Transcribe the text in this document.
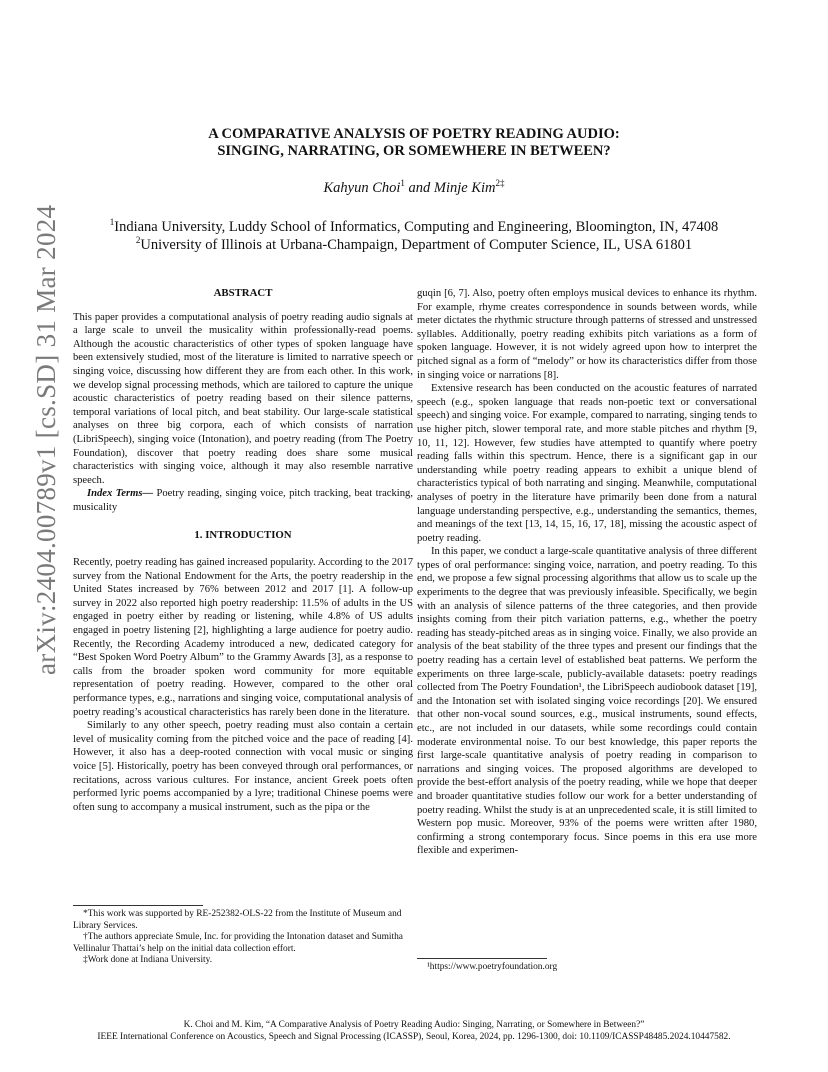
arXiv:2404.00789v1 [cs.SD] 31 Mar 2024
A COMPARATIVE ANALYSIS OF POETRY READING AUDIO:
SINGING, NARRATING, OR SOMEWHERE IN BETWEEN?
Kahyun Choi$^1$ and Minje Kim$^{2\ddagger}$
$^1$Indiana University, Luddy School of Informatics, Computing and Engineering, Bloomington, IN, 47408
$^2$University of Illinois at Urbana-Champaign, Department of Computer Science, IL, USA 61801
ABSTRACT

This paper provides a computational analysis of poetry reading audio signals at a large scale to unveil the musicality within professionally-read poems. Although the acoustic characteristics of other types of spoken language have been extensively studied, most of the literature is limited to narrative speech or singing voice, discussing how different they are from each other. In this work, we develop signal processing methods, which are tailored to capture the unique acoustic characteristics of poetry reading based on their silence patterns, temporal variations of local pitch, and beat stability. Our large-scale statistical analyses on three big corpora, each of which consists of narration (LibriSpeech), singing voice (Intonation), and poetry reading (from The Poetry Foundation), discover that poetry reading does share some musical characteristics with singing voice, although it may also resemble narrative speech.

Index Terms— Poetry reading, singing voice, pitch tracking, beat tracking, musicality

1. INTRODUCTION

Recently, poetry reading has gained increased popularity. According to the 2017 survey from the National Endowment for the Arts, the poetry readership in the United States increased by 76% between 2012 and 2017 [1]. A follow-up survey in 2022 also reported high poetry readership: 11.5% of adults in the US engaged in poetry either by reading or listening, while 4.8% of US adults engaged in poetry listening [2], highlighting a large audience for poetry audio. Recently, the Recording Academy introduced a new, dedicated category for “Best Spoken Word Poetry Album” to the Grammy Awards [3], as a response to calls from the broader spoken word community for more equitable representation of poetry reading. However, compared to the other oral performance types, e.g., narrations and singing voice, computational analysis of poetry reading’s acoustical characteristics has rarely been done in the literature.

Similarly to any other speech, poetry reading must also contain a certain level of musicality coming from the pitched voice and the pace of reading [4]. However, it also has a deep-rooted connection with vocal music or singing voice [5]. Historically, poetry has been conveyed through oral performances, or recitations, across various cultures. For instance, ancient Greek poets often performed lyric poems accompanied by a lyre; traditional Chinese poems were often sung to accompany a musical instrument, such as the pipa or the

*This work was supported by RE-252382-OLS-22 from the Institute of Museum and Library Services.

†The authors appreciate Smule, Inc. for providing the Intonation dataset and Sumitha Vellinalur Thattai’s help on the initial data collection effort.

‡Work done at Indiana University.

guqin [6, 7]. Also, poetry often employs musical devices to enhance its rhythm. For example, rhyme creates correspondence in sounds between words, while meter dictates the rhythmic structure through patterns of stressed and unstressed syllables. Additionally, poetry reading exhibits pitch variations as a form of spoken language. However, it is not widely agreed upon how to interpret the pitched signal as a form of “melody” or how its characteristics differ from those in singing voice or narrations [8].

Extensive research has been conducted on the acoustic features of narrated speech (e.g., spoken language that reads non-poetic text or conversational speech) and singing voice. For example, compared to narrating, singing tends to use higher pitch, slower temporal rate, and more stable pitches and rhythm [9, 10, 11, 12]. However, few studies have attempted to quantify where poetry reading falls within this spectrum. Hence, there is a significant gap in our understanding while poetry reading appears to exhibit a unique blend of characteristics typical of both narrating and singing. Meanwhile, computational analyses of poetry in the literature have primarily been done from a natural language understanding perspective, e.g., understanding the semantics, themes, and meanings of the text [13, 14, 15, 16, 17, 18], missing the acoustic aspect of poetry reading.

In this paper, we conduct a large-scale quantitative analysis of three different types of oral performance: singing voice, narration, and poetry reading. To this end, we propose a few signal processing algorithms that allow us to scale up the experiments to the degree that was previously infeasible. Specifically, we begin with an analysis of silence patterns of the three categories, and then provide insights coming from their pitch variation patterns, e.g., whether the poetry reading has steady-pitched areas as in singing voice. Finally, we also provide an analysis of the beat stability of the three types and present our findings that the poetry reading has a certain level of established beat patterns. We perform the experiments on three large-scale, publicly-available datasets: poetry readings collected from The Poetry Foundation¹, the LibriSpeech audiobook dataset [19], and the Intonation set with isolated singing voice recordings [20]. We ensured that other non-vocal sound sources, e.g., musical instruments, sound effects, etc., are not included in our datasets, while some recordings could contain moderate environmental noise. To our best knowledge, this paper reports the first large-scale quantitative analysis of poetry reading in comparison to narrations and singing voices. The proposed algorithms are developed to provide the best-effort analysis of the poetry reading, while we hope that deeper and broader quantitative studies follow our work for a better understanding of poetry reading. Whilst the study is at an unprecedented scale, it is still limited to Western pop music. Moreover, 93% of the poems were written after 1980, confirming a strong contemporary focus. Since poems in this era use more flexible and experimen-

¹https://www.poetryfoundation.org

K. Choi and M. Kim, “A Comparative Analysis of Poetry Reading Audio: Singing, Narrating, or Somewhere in Between?”
IEEE International Conference on Acoustics, Speech and Signal Processing (ICASSP), Seoul, Korea, 2024, pp. 1296-1300, doi: 10.1109/ICASSP48485.2024.10447582.
